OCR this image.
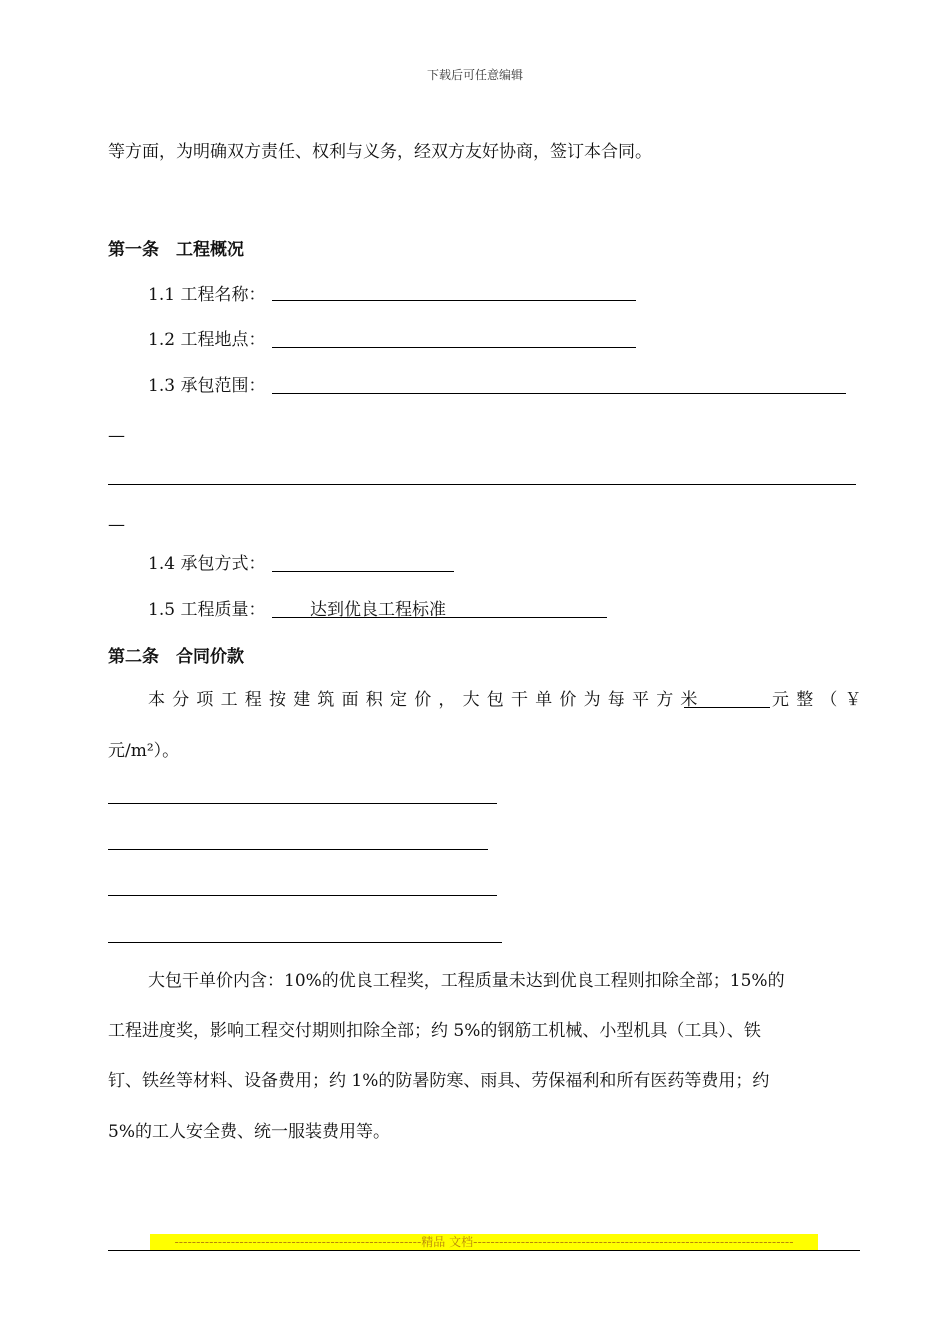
下载后可任意编辑
等方面，为明确双方责任、权利与义务，经双方友好协商，签订本合同。
第一条　工程概况
1.1 工程名称：
1.2 工程地点：
1.3 承包范围：
—
—
1.4 承包方式：
1.5 工程质量：	达到优良工程标准
第二条　合同价款
本分项工程按建筑面积定价，大包干单价为每平方米	元整（￥
元/m²）。
大包干单价内含：10%的优良工程奖，工程质量未达到优良工程则扣除全部；15%的
工程进度奖，影响工程交付期则扣除全部；约 5%的钢筋工机械、小型机具（工具）、铁
钉、铁丝等材料、设备费用；约 1%的防暑防寒、雨具、劳保福利和所有医药等费用；约
5%的工人安全费、统一服装费用等。
---------------------------------------------------------精品 文档--------------------------------------------------------------------------
